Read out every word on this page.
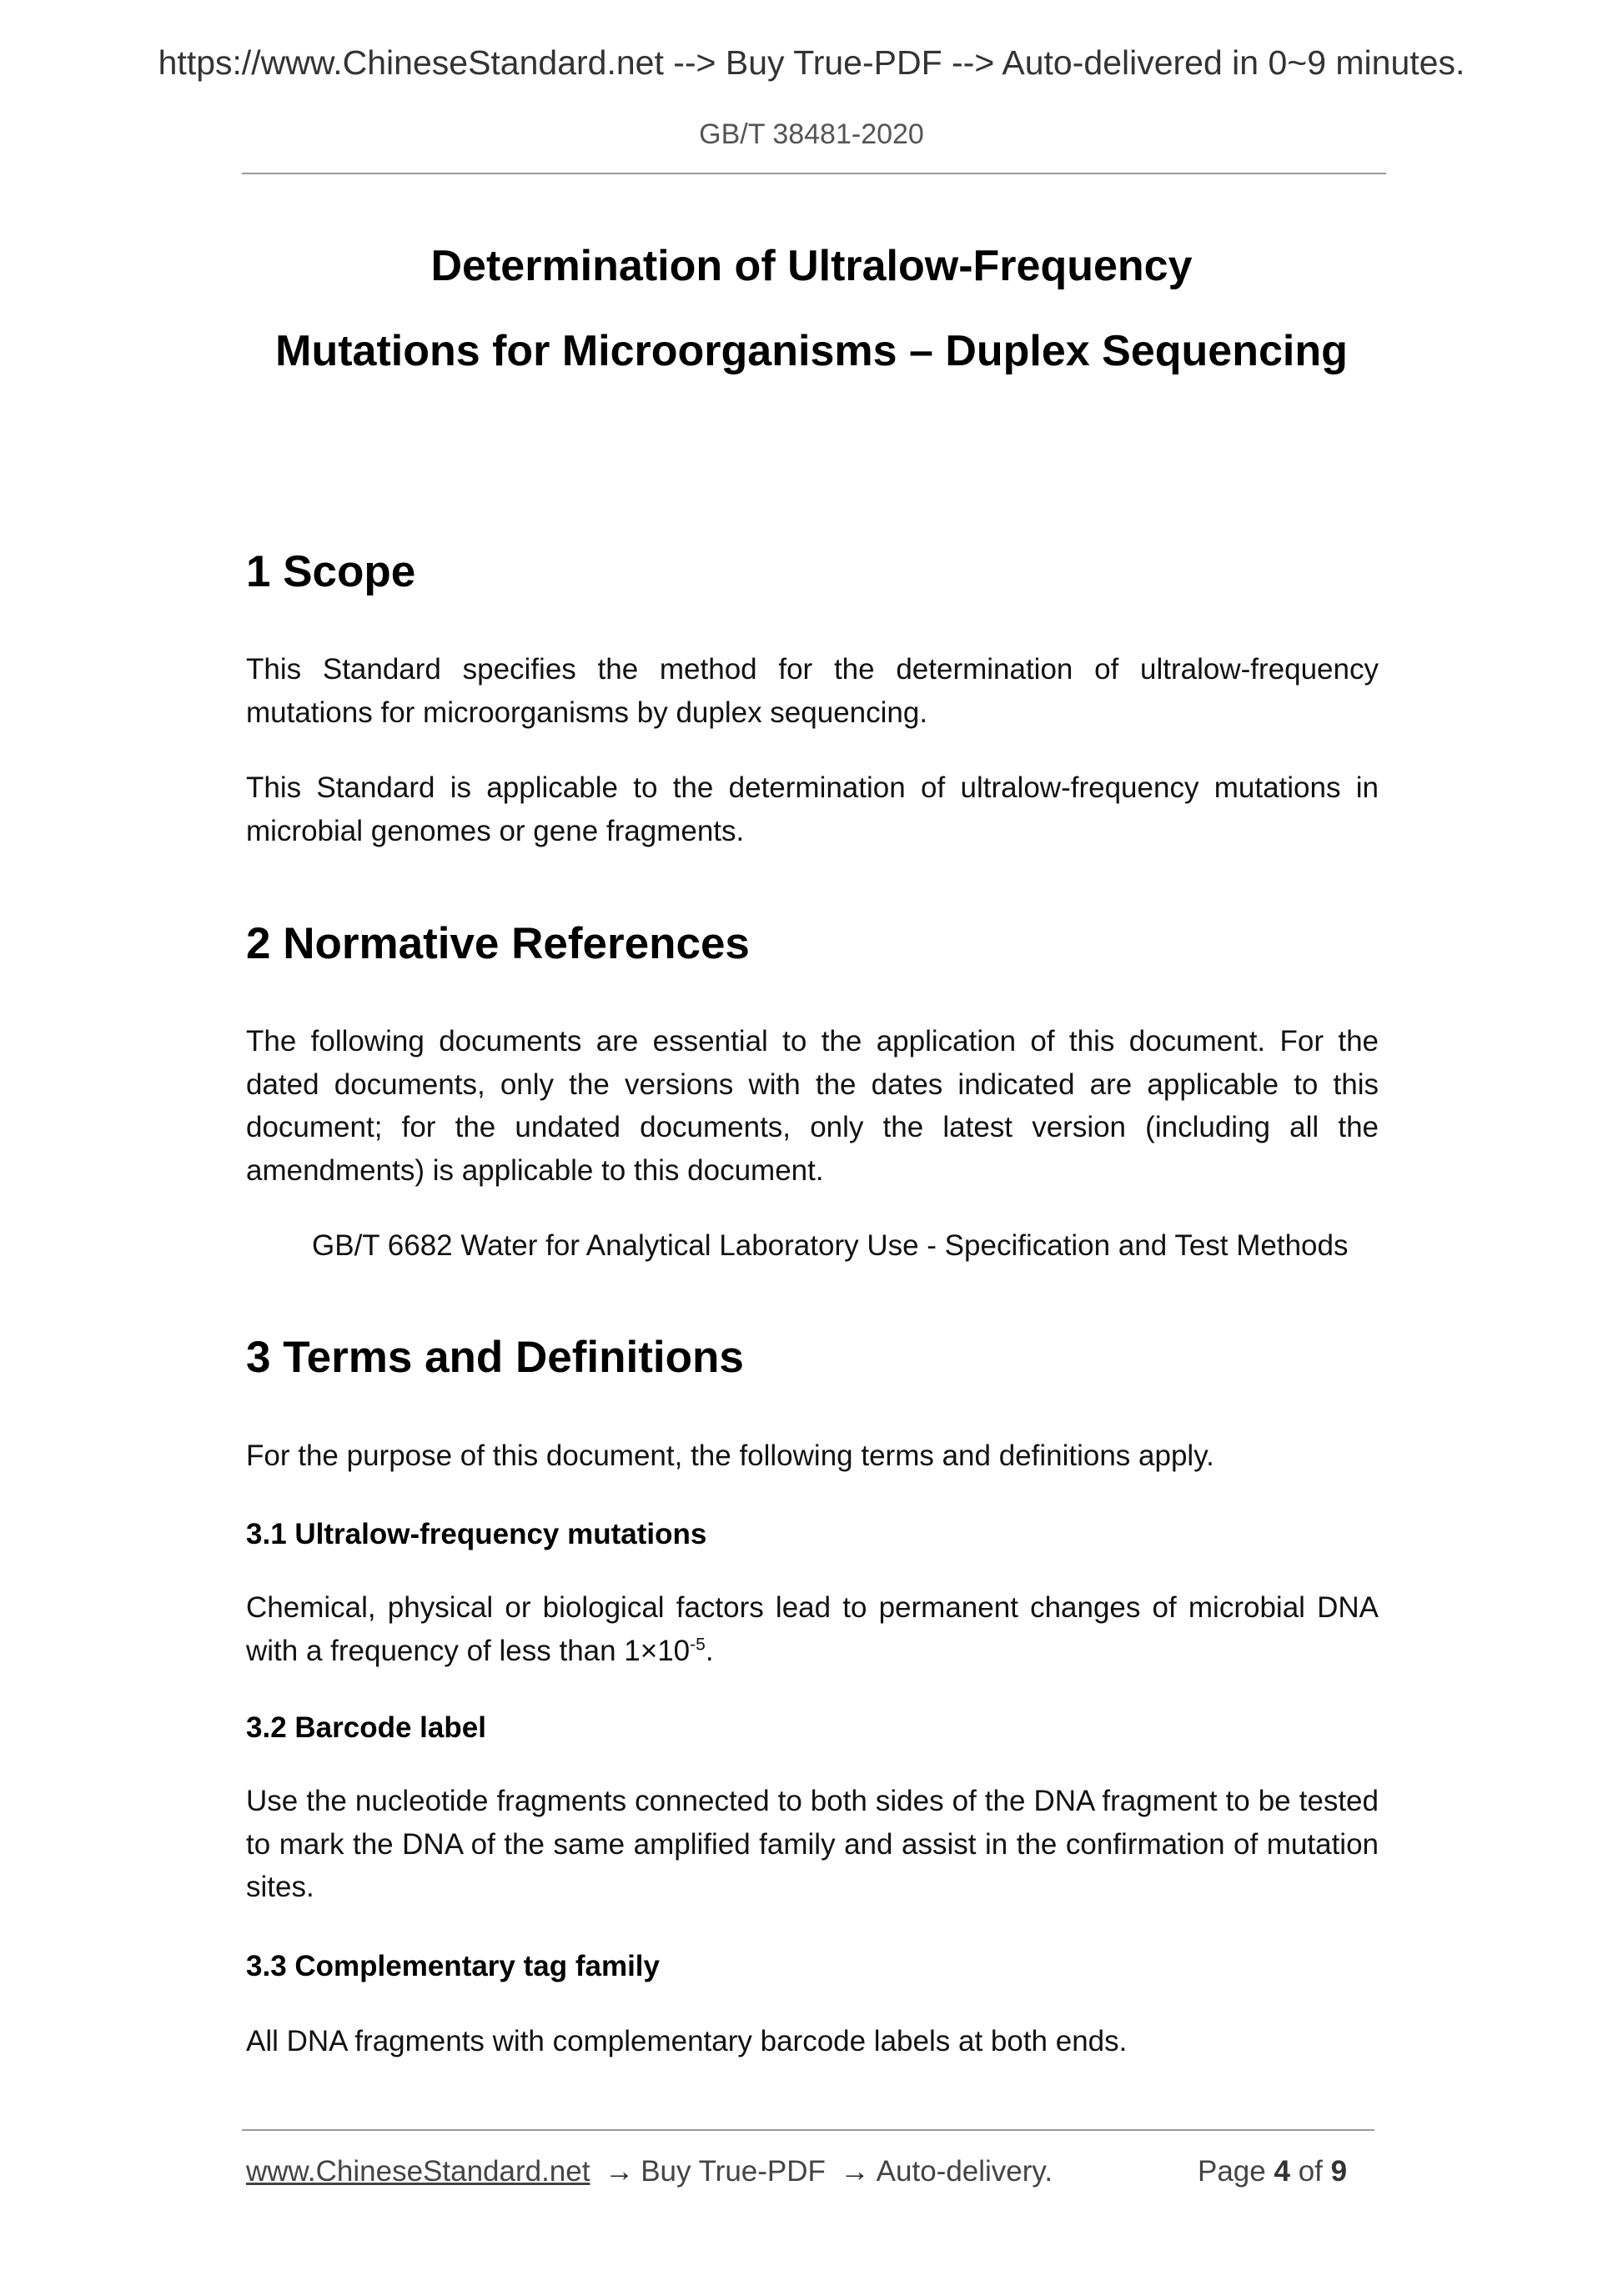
https://www.ChineseStandard.net --> Buy True-PDF --> Auto-delivered in 0~9 minutes.
GB/T 38481-2020
Determination of Ultralow-Frequency
Mutations for Microorganisms – Duplex Sequencing
1 Scope
This Standard specifies the method for the determination of ultralow-frequency mutations for microorganisms by duplex sequencing.
This Standard is applicable to the determination of ultralow-frequency mutations in microbial genomes or gene fragments.
2 Normative References
The following documents are essential to the application of this document. For the dated documents, only the versions with the dates indicated are applicable to this document; for the undated documents, only the latest version (including all the amendments) is applicable to this document.
GB/T 6682 Water for Analytical Laboratory Use - Specification and Test Methods
3 Terms and Definitions
For the purpose of this document, the following terms and definitions apply.
3.1 Ultralow-frequency mutations
Chemical, physical or biological factors lead to permanent changes of microbial DNA with a frequency of less than $1\times 10^{-5}$.
3.2 Barcode label
Use the nucleotide fragments connected to both sides of the DNA fragment to be tested to mark the DNA of the same amplified family and assist in the confirmation of mutation sites.
3.3 Complementary tag family
All DNA fragments with complementary barcode labels at both ends.
www.ChineseStandard.net → Buy True-PDF → Auto-delivery.	Page 4 of 9
